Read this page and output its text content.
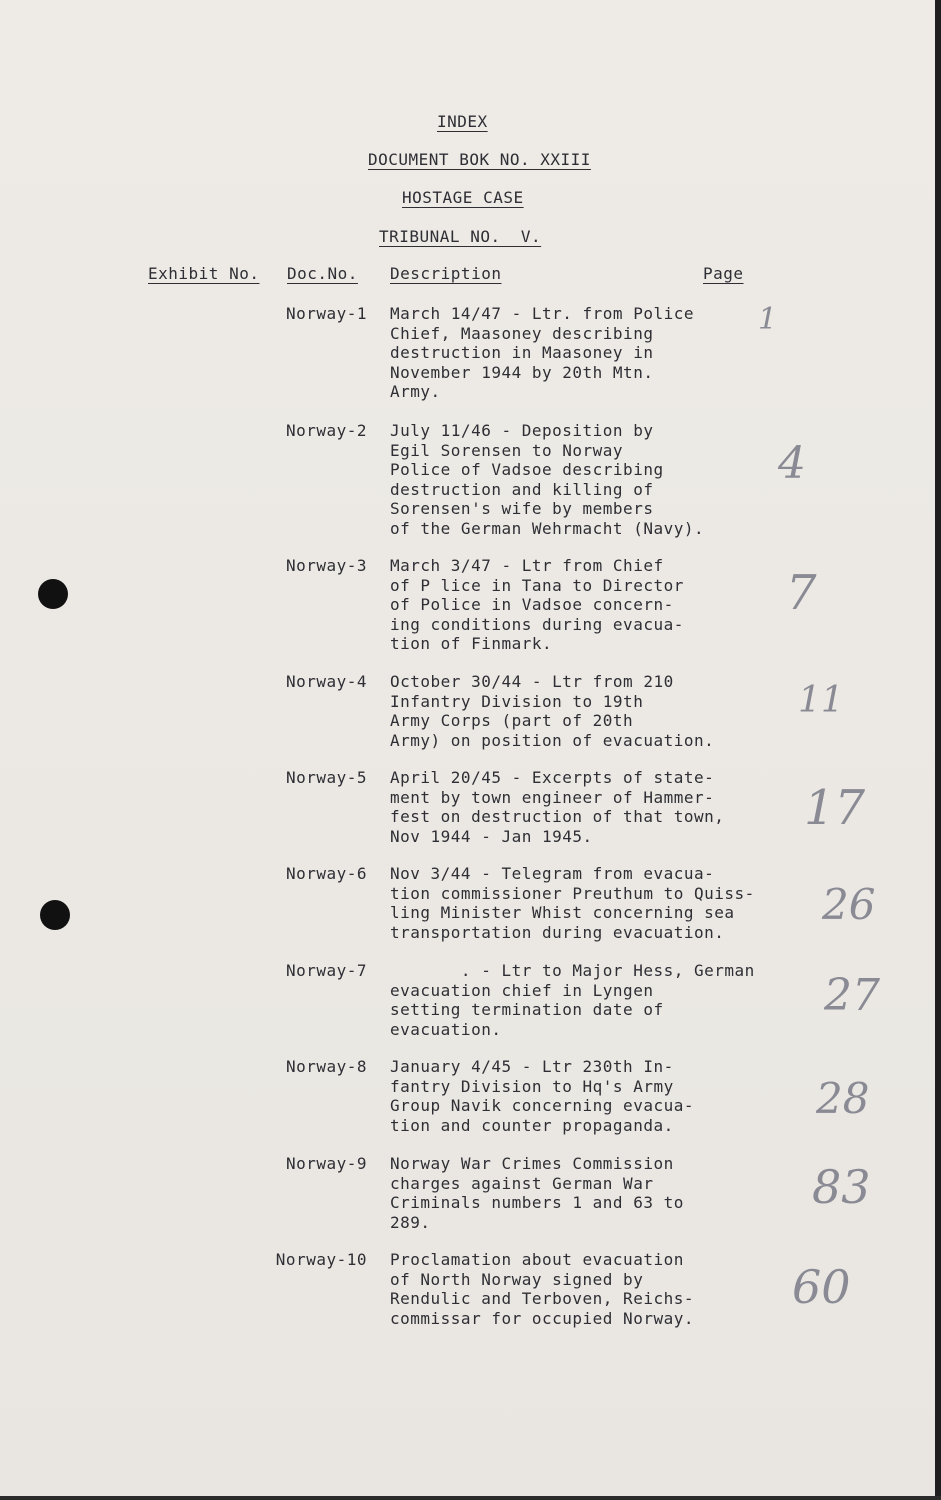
INDEX
DOCUMENT BOK NO. XXIII
HOSTAGE CASE
TRIBUNAL NO.  V.
Exhibit No. Doc.No. Description	Page
Norway-1 March 14/47 - Ltr. from Police
Chief, Maasoney describing
destruction in Maasoney in
November 1944 by 20th Mtn.
Army.
1
Norway-2 July 11/46 - Deposition by
Egil Sorensen to Norway
Police of Vadsoe describing
destruction and killing of
Sorensen's wife by members
of the German Wehrmacht (Navy).
4
Norway-3 March 3/47 - Ltr from Chief
of P lice in Tana to Director
of Police in Vadsoe concern-
ing conditions during evacua-
tion of Finmark.
7
Norway-4 October 30/44 - Ltr from 210
Infantry Division to 19th
Army Corps (part of 20th
Army) on position of evacuation.
11
Norway-5 April 20/45 - Excerpts of state-
ment by town engineer of Hammer-
fest on destruction of that town,
Nov 1944 - Jan 1945.	17
Norway-6 Nov 3/44 - Telegram from evacua-
tion commissioner Preuthum to Quiss-
ling Minister Whist concerning sea
transportation during evacuation.
26
Norway-7 . - Ltr to Major Hess, German
evacuation chief in Lyngen
setting termination date of
evacuation.
27
Norway-8 January 4/45 - Ltr 230th In-
fantry Division to Hq's Army
Group Navik concerning evacua-
tion and counter propaganda.
28
Norway-9 Norway War Crimes Commission
charges against German War
Criminals numbers 1 and 63 to
289.
83
Norway-10 Proclamation about evacuation
of North Norway signed by
Rendulic and Terboven, Reichs-
commissar for occupied Norway.
60
